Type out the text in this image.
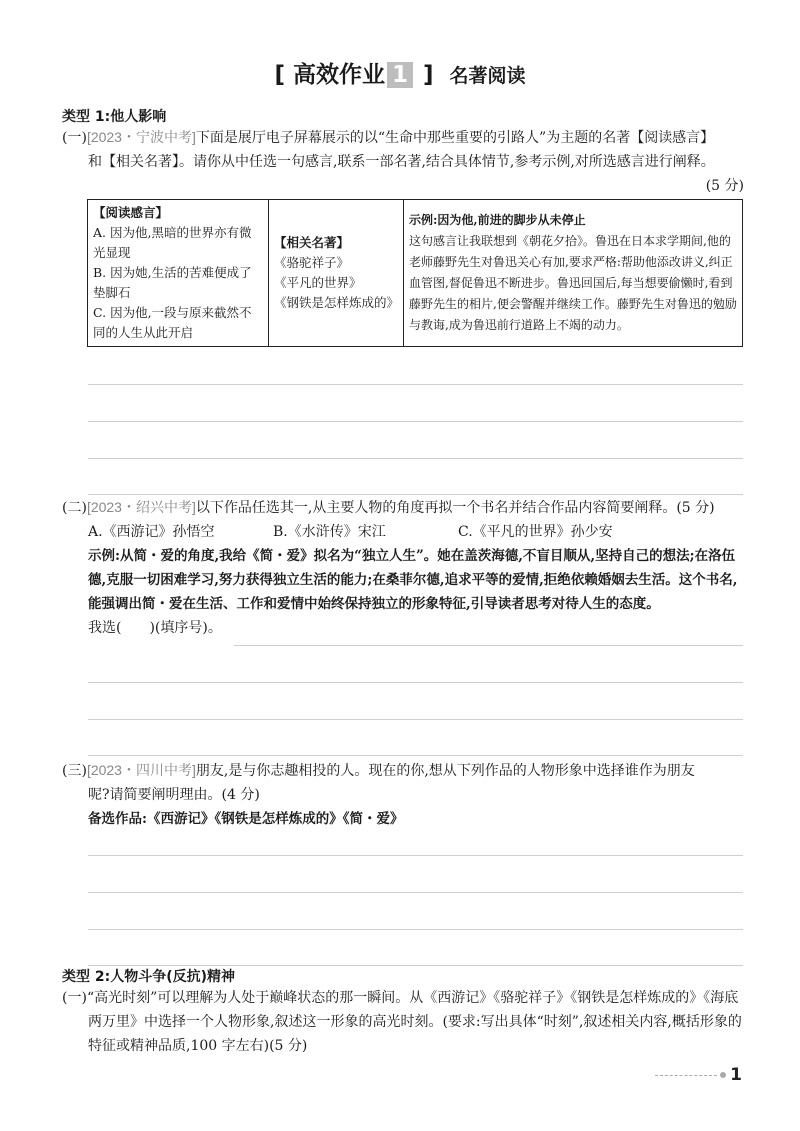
[ 高效作业 1 ] 名著阅读
类型 1:他人影响
(一)[2023・宁波中考]下面是展厅电子屏幕展示的以“生命中那些重要的引路人”为主题的名著【阅读感言】
和【相关名著】。请你从中任选一句感言,联系一部名著,结合具体情节,参考示例,对所选感言进行阐释。
(5 分)
【阅读感言】
A. 因为他,黑暗的世界亦有微光显现
B. 因为她,生活的苦难便成了垫脚石
C. 因为他,一段与原来截然不同的人生从此开启

【相关名著】
《骆驼祥子》
《平凡的世界》
《钢铁是怎样炼成的》

示例:因为他,前进的脚步从未停止
这句感言让我联想到《朝花夕拾》。鲁迅在日本求学期间,他的老师藤野先生对鲁迅关心有加,要求严格:帮助他添改讲义,纠正血管图,督促鲁迅不断进步。鲁迅回国后,每当想要偷懒时,看到藤野先生的相片,便会警醒并继续工作。藤野先生对鲁迅的勉励与教诲,成为鲁迅前行道路上不竭的动力。
(二)[2023・绍兴中考]以下作品任选其一,从主要人物的角度再拟一个书名并结合作品内容简要阐释。(5 分)
A.《西游记》孙悟空	B.《水浒传》宋江	C.《平凡的世界》孙少安
示例:从简・爱的角度,我给《简・爱》拟名为“独立人生”。她在盖茨海德,不盲目顺从,坚持自己的想法;在洛伍德,克服一切困难学习,努力获得独立生活的能力;在桑菲尔德,追求平等的爱情,拒绝依赖婚姻去生活。这个书名,能强调出简・爱在生活、工作和爱情中始终保持独立的形象特征,引导读者思考对待人生的态度。
我选(　　)(填序号)。
(三)[2023・四川中考]朋友,是与你志趣相投的人。现在的你,想从下列作品的人物形象中选择谁作为朋友
呢?请简要阐明理由。(4 分)
备选作品:《西游记》《钢铁是怎样炼成的》《简・爱》
类型 2:人物斗争(反抗)精神
(一)“高光时刻”可以理解为人处于巅峰状态的那一瞬间。从《西游记》《骆驼祥子》《钢铁是怎样炼成的》《海底
两万里》中选择一个人物形象,叙述这一形象的高光时刻。(要求:写出具体“时刻”,叙述相关内容,概括形象的特征或精神品质,100 字左右)(5 分)
1
